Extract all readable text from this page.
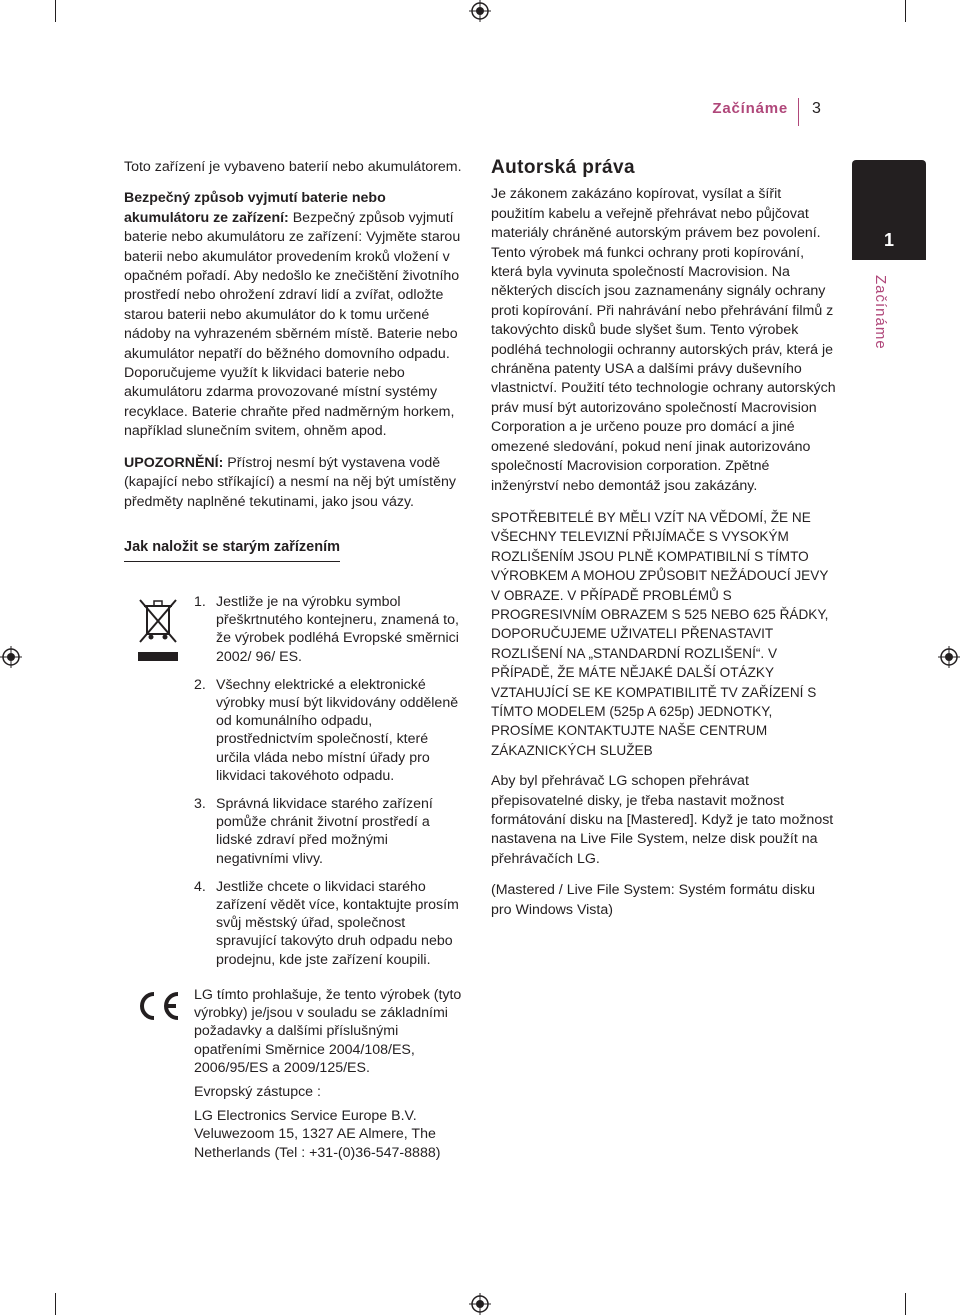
Začínáme 3
1
Začínáme

Toto zařízení je vybaveno baterií nebo akumulátorem.

Bezpečný způsob vyjmutí baterie nebo akumulátoru ze zařízení: Bezpečný způsob vyjmutí baterie nebo akumulátoru ze zařízení: Vyjměte starou baterii nebo akumulátor provedením kroků vložení v opačném pořadí. Aby nedošlo ke znečištění životního prostředí nebo ohrožení zdraví lidí a zvířat, odložte starou baterii nebo akumulátor do k tomu určené nádoby na vyhrazeném sběrném místě. Baterie nebo akumulátor nepatří do běžného domovního odpadu. Doporučujeme využít k likvidaci baterie nebo akumulátoru zdarma provozované místní systémy recyklace. Baterie chraňte před nadměrným horkem, například slunečním svitem, ohněm apod.

UPOZORNĚNÍ: Přístroj nesmí být vystavena vodě (kapající nebo stříkající) a nesmí na něj být umístěny předměty naplněné tekutinami, jako jsou vázy.

Jak naložit se starým zařízením
1. Jestliže je na výrobku symbol přeškrtnutého kontejneru, znamená to, že výrobek podléhá Evropské směrnici 2002/ 96/ ES.
2. Všechny elektrické a elektronické výrobky musí být likvidovány odděleně od komunálního odpadu, prostřednictvím společností, které určila vláda nebo místní úřady pro likvidaci takovéhoto odpadu.
3. Správná likvidace starého zařízení pomůže chránit životní prostředí a lidské zdraví před možnými negativními vlivy.
4. Jestliže chcete o likvidaci starého zařízení vědět více, kontaktujte prosím svůj městský úřad, společnost spravující takovýto druh odpadu nebo prodejnu, kde jste zařízení koupili.

LG tímto prohlašuje, že tento výrobek (tyto výrobky) je/jsou v souladu se základními požadavky a dalšími příslušnými opatřeními Směrnice 2004/108/ES, 2006/95/ES a 2009/125/ES.

Evropský zástupce :

LG Electronics Service Europe B.V. Veluwezoom 15, 1327 AE Almere, The Netherlands (Tel : +31-(0)36-547-8888)

Autorská práva

Je zákonem zakázáno kopírovat, vysílat a šířit použitím kabelu a veřejně přehrávat nebo půjčovat materiály chráněné autorským právem bez povolení. Tento výrobek má funkci ochrany proti kopírování, která byla vyvinuta společností Macrovision. Na některých discích jsou zaznamenány signály ochrany proti kopírování. Při nahrávání nebo přehrávání filmů z takovýchto disků bude slyšet šum. Tento výrobek podléhá technologii ochranny autorských práv, která je chráněna patenty USA a dalšími právy duševního vlastnictví. Použití této technologie ochrany autorských práv musí být autorizováno společností Macrovision Corporation a je určeno pouze pro domácí a jiné omezené sledování, pokud není jinak autorizováno společností Macrovision corporation. Zpětné inženýrství nebo demontáž jsou zakázány.

SPOTŘEBITELÉ BY MĚLI VZÍT NA VĚDOMÍ, ŽE NE VŠECHNY TELEVIZNÍ PŘIJÍMAČE S VYSOKÝM ROZLIŠENÍM JSOU PLNĚ KOMPATIBILNÍ S TÍMTO VÝROBKEM A MOHOU ZPŮSOBIT NEŽÁDOUCÍ JEVY V OBRAZE. V PŘÍPADĚ PROBLÉMŮ S PROGRESIVNÍM OBRAZEM S 525 NEBO 625 ŘÁDKY, DOPORUČUJEME UŽIVATELI PŘENASTAVIT ROZLIŠENÍ NA „STANDARDNÍ ROZLIŠENÍ“. V PŘÍPADĚ, ŽE MÁTE NĚJAKÉ DALŠÍ OTÁZKY VZTAHUJÍCÍ SE KE KOMPATIBILITĚ TV ZAŘÍZENÍ S TÍMTO MODELEM (525p A 625p) JEDNOTKY, PROSÍME KONTAKTUJTE NAŠE CENTRUM ZÁKAZNICKÝCH SLUŽEB

Aby byl přehrávač LG schopen přehrávat přepisovatelné disky, je třeba nastavit možnost formátování disku na [Mastered]. Když je tato možnost nastavena na Live File System, nelze disk použít na přehrávačích LG.

(Mastered / Live File System: Systém formátu disku pro Windows Vista)
